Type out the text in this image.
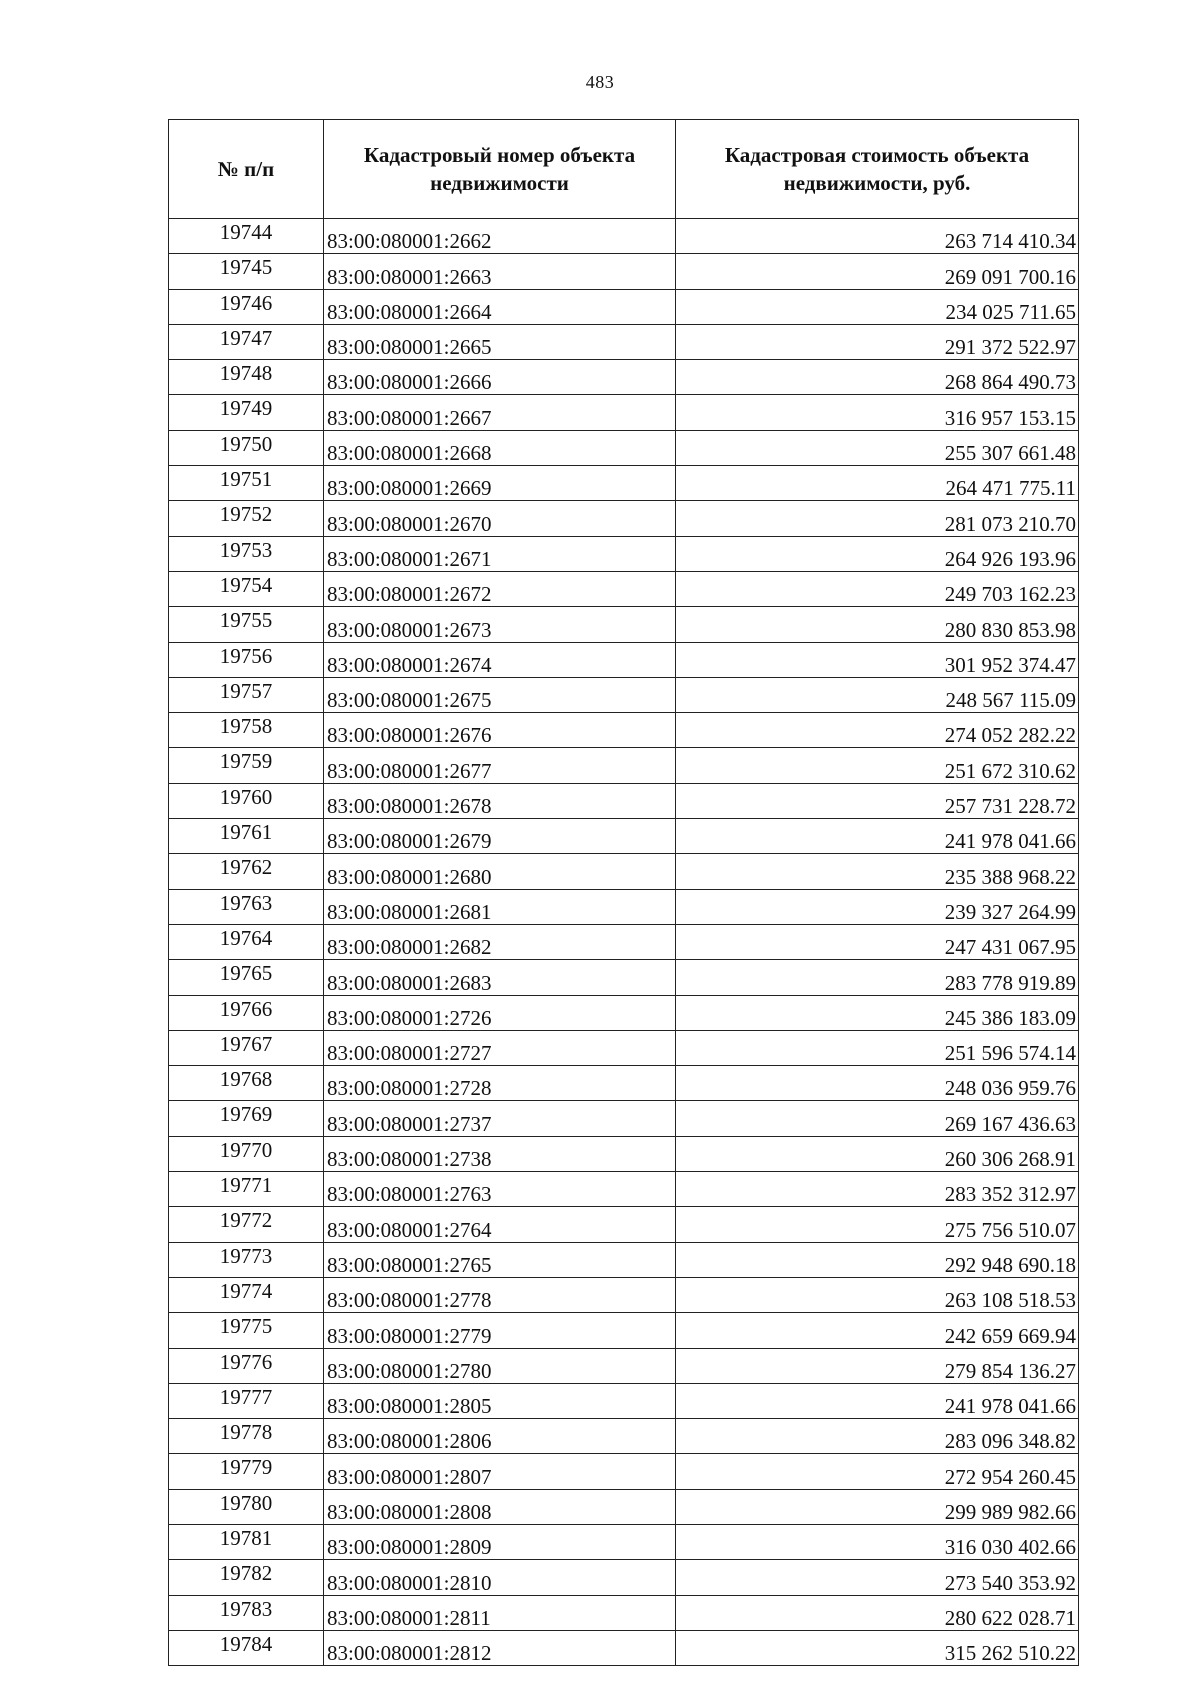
483
№ п/п	Кадастровый номер объекта недвижимости	Кадастровая стоимость объекта недвижимости, руб.
19744	83:00:080001:2662	263 714 410.34
19745	83:00:080001:2663	269 091 700.16
19746	83:00:080001:2664	234 025 711.65
19747	83:00:080001:2665	291 372 522.97
19748	83:00:080001:2666	268 864 490.73
19749	83:00:080001:2667	316 957 153.15
19750	83:00:080001:2668	255 307 661.48
19751	83:00:080001:2669	264 471 775.11
19752	83:00:080001:2670	281 073 210.70
19753	83:00:080001:2671	264 926 193.96
19754	83:00:080001:2672	249 703 162.23
19755	83:00:080001:2673	280 830 853.98
19756	83:00:080001:2674	301 952 374.47
19757	83:00:080001:2675	248 567 115.09
19758	83:00:080001:2676	274 052 282.22
19759	83:00:080001:2677	251 672 310.62
19760	83:00:080001:2678	257 731 228.72
19761	83:00:080001:2679	241 978 041.66
19762	83:00:080001:2680	235 388 968.22
19763	83:00:080001:2681	239 327 264.99
19764	83:00:080001:2682	247 431 067.95
19765	83:00:080001:2683	283 778 919.89
19766	83:00:080001:2726	245 386 183.09
19767	83:00:080001:2727	251 596 574.14
19768	83:00:080001:2728	248 036 959.76
19769	83:00:080001:2737	269 167 436.63
19770	83:00:080001:2738	260 306 268.91
19771	83:00:080001:2763	283 352 312.97
19772	83:00:080001:2764	275 756 510.07
19773	83:00:080001:2765	292 948 690.18
19774	83:00:080001:2778	263 108 518.53
19775	83:00:080001:2779	242 659 669.94
19776	83:00:080001:2780	279 854 136.27
19777	83:00:080001:2805	241 978 041.66
19778	83:00:080001:2806	283 096 348.82
19779	83:00:080001:2807	272 954 260.45
19780	83:00:080001:2808	299 989 982.66
19781	83:00:080001:2809	316 030 402.66
19782	83:00:080001:2810	273 540 353.92
19783	83:00:080001:2811	280 622 028.71
19784	83:00:080001:2812	315 262 510.22
